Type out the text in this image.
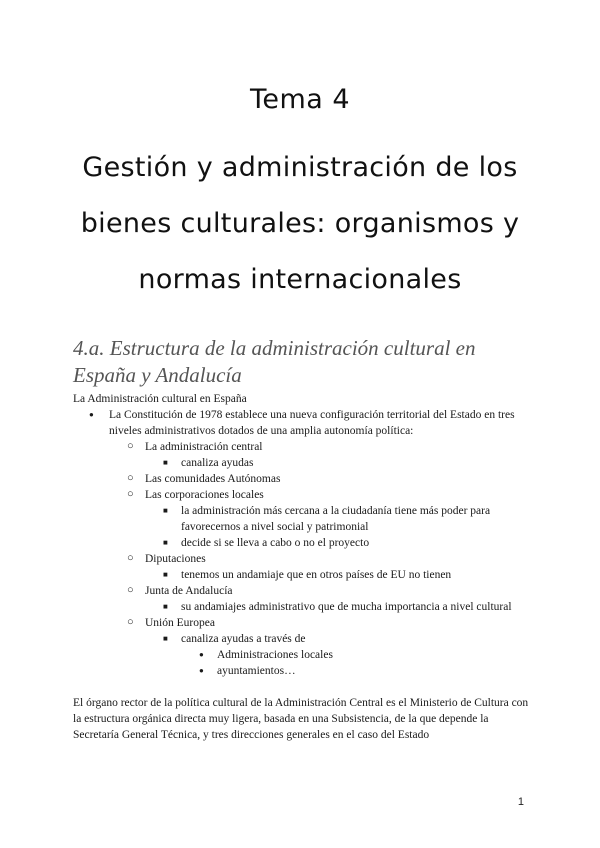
Tema 4
Gestión y administración de los
bienes culturales: organismos y
normas internacionales
4.a. Estructura de la administración cultural en España y Andalucía

La Administración cultural en España

● La Constitución de 1978 establece una nueva configuración territorial del Estado en tres niveles administrativos dotados de una amplia autonomía política:
○ La administración central
■ canaliza ayudas
○ Las comunidades Autónomas
○ Las corporaciones locales
■ la administración más cercana a la ciudadanía tiene más poder para favorecernos a nivel social y patrimonial
■ decide si se lleva a cabo o no el proyecto
○ Diputaciones
■ tenemos un andamiaje que en otros países de EU no tienen
○ Junta de Andalucía
■ su andamiajes administrativo que de mucha importancia a nivel cultural
○ Unión Europea
■ canaliza ayudas a través de
● Administraciones locales
● ayuntamientos…

El órgano rector de la política cultural de la Administración Central es el Ministerio de Cultura con la estructura orgánica directa muy ligera, basada en una Subsistencia, de la que depende la Secretaría General Técnica, y tres direcciones generales en el caso del Estado

1
